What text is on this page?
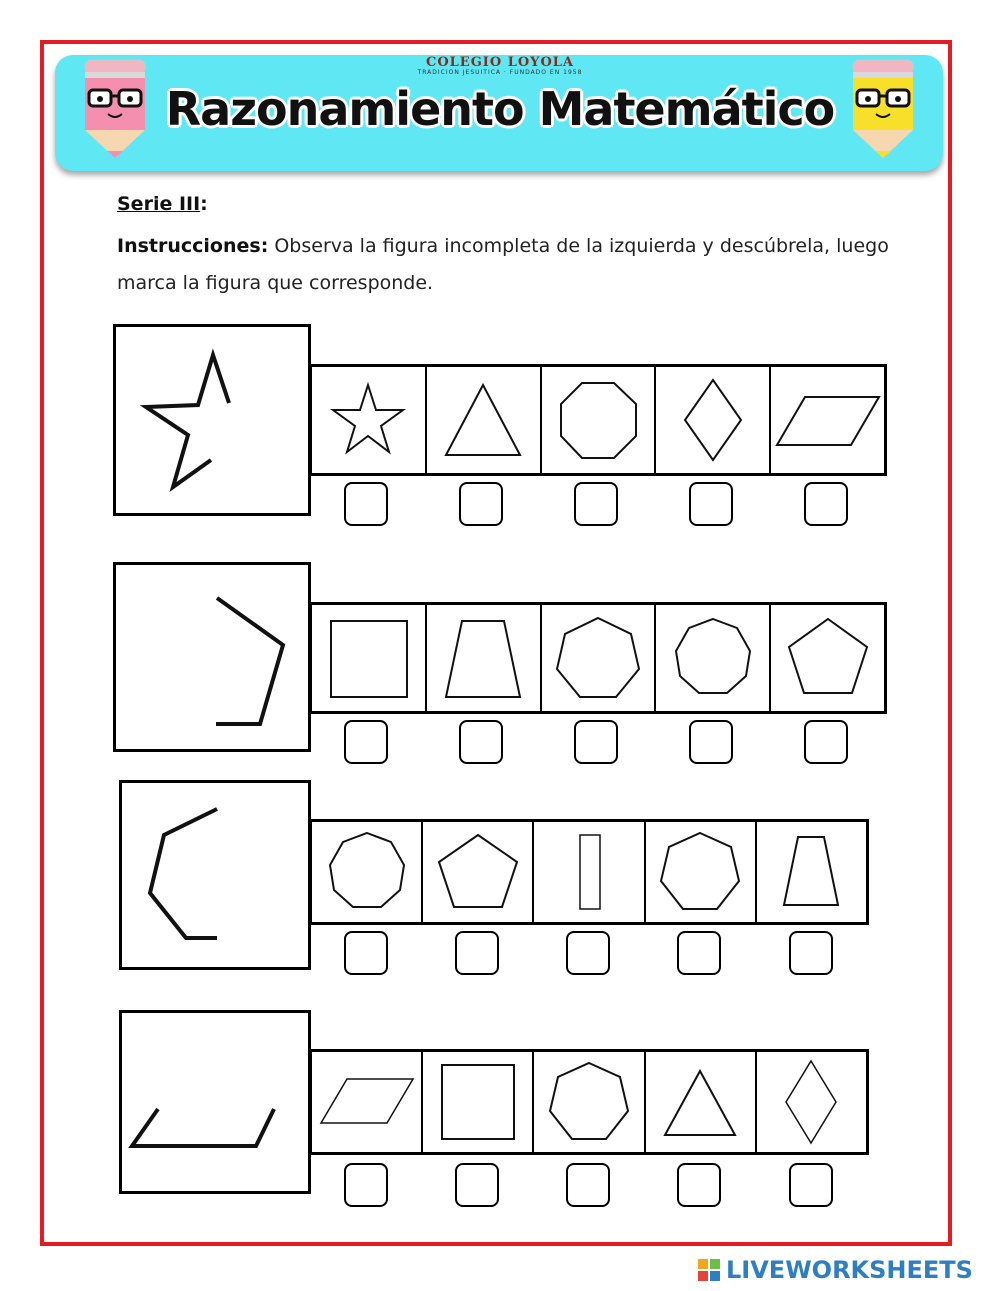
COLEGIO LOYOLA
TRADICION JESUITICA · FUNDADO EN 1958
Razonamiento Matemático
Serie III:
Instrucciones: Observa la figura incompleta de la izquierda y descúbrela, luego marca la figura que corresponde.
LIVEWORKSHEETS
